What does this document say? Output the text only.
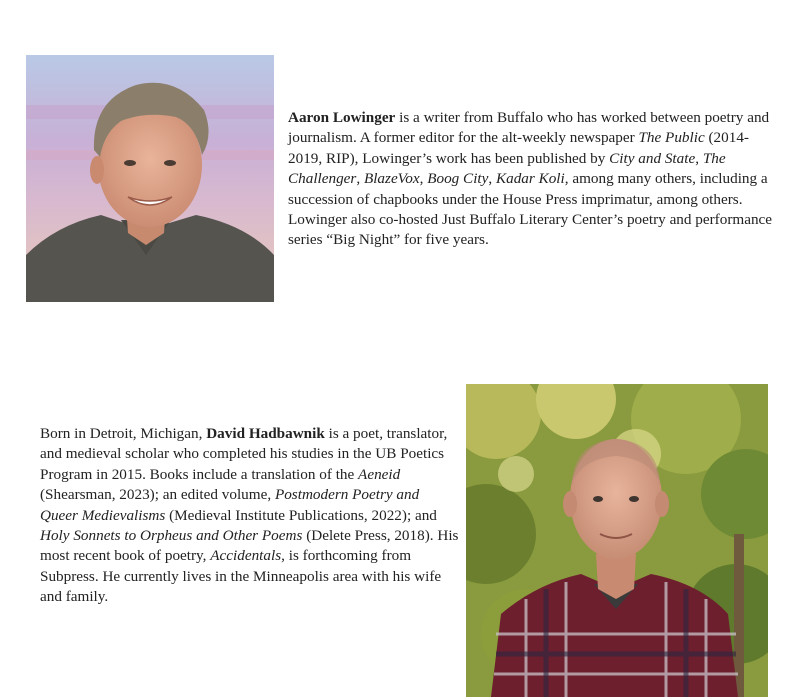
Aaron Lowinger is a writer from Buffalo who has worked between poetry and journalism. A former editor for the alt-weekly newspaper The Public (2014-2019, RIP), Lowinger’s work has been published by City and State, The Challenger, BlazeVox, Boog City, Kadar Koli, among many others, including a succession of chapbooks under the House Press imprimatur, among others. Lowinger also co-hosted Just Buffalo Literary Center’s poetry and performance series “Big Night” for five years.

Born in Detroit, Michigan, David Hadbawnik is a poet, translator, and medieval scholar who completed his studies in the UB Poetics Program in 2015. Books include a translation of the Aeneid (Shearsman, 2023); an edited volume, Postmodern Poetry and Queer Medievalisms (Medieval Institute Publications, 2022); and Holy Sonnets to Orpheus and Other Poems (Delete Press, 2018). His most recent book of poetry, Accidentals, is forthcoming from Subpress. He currently lives in the Minneapolis area with his wife and family.
